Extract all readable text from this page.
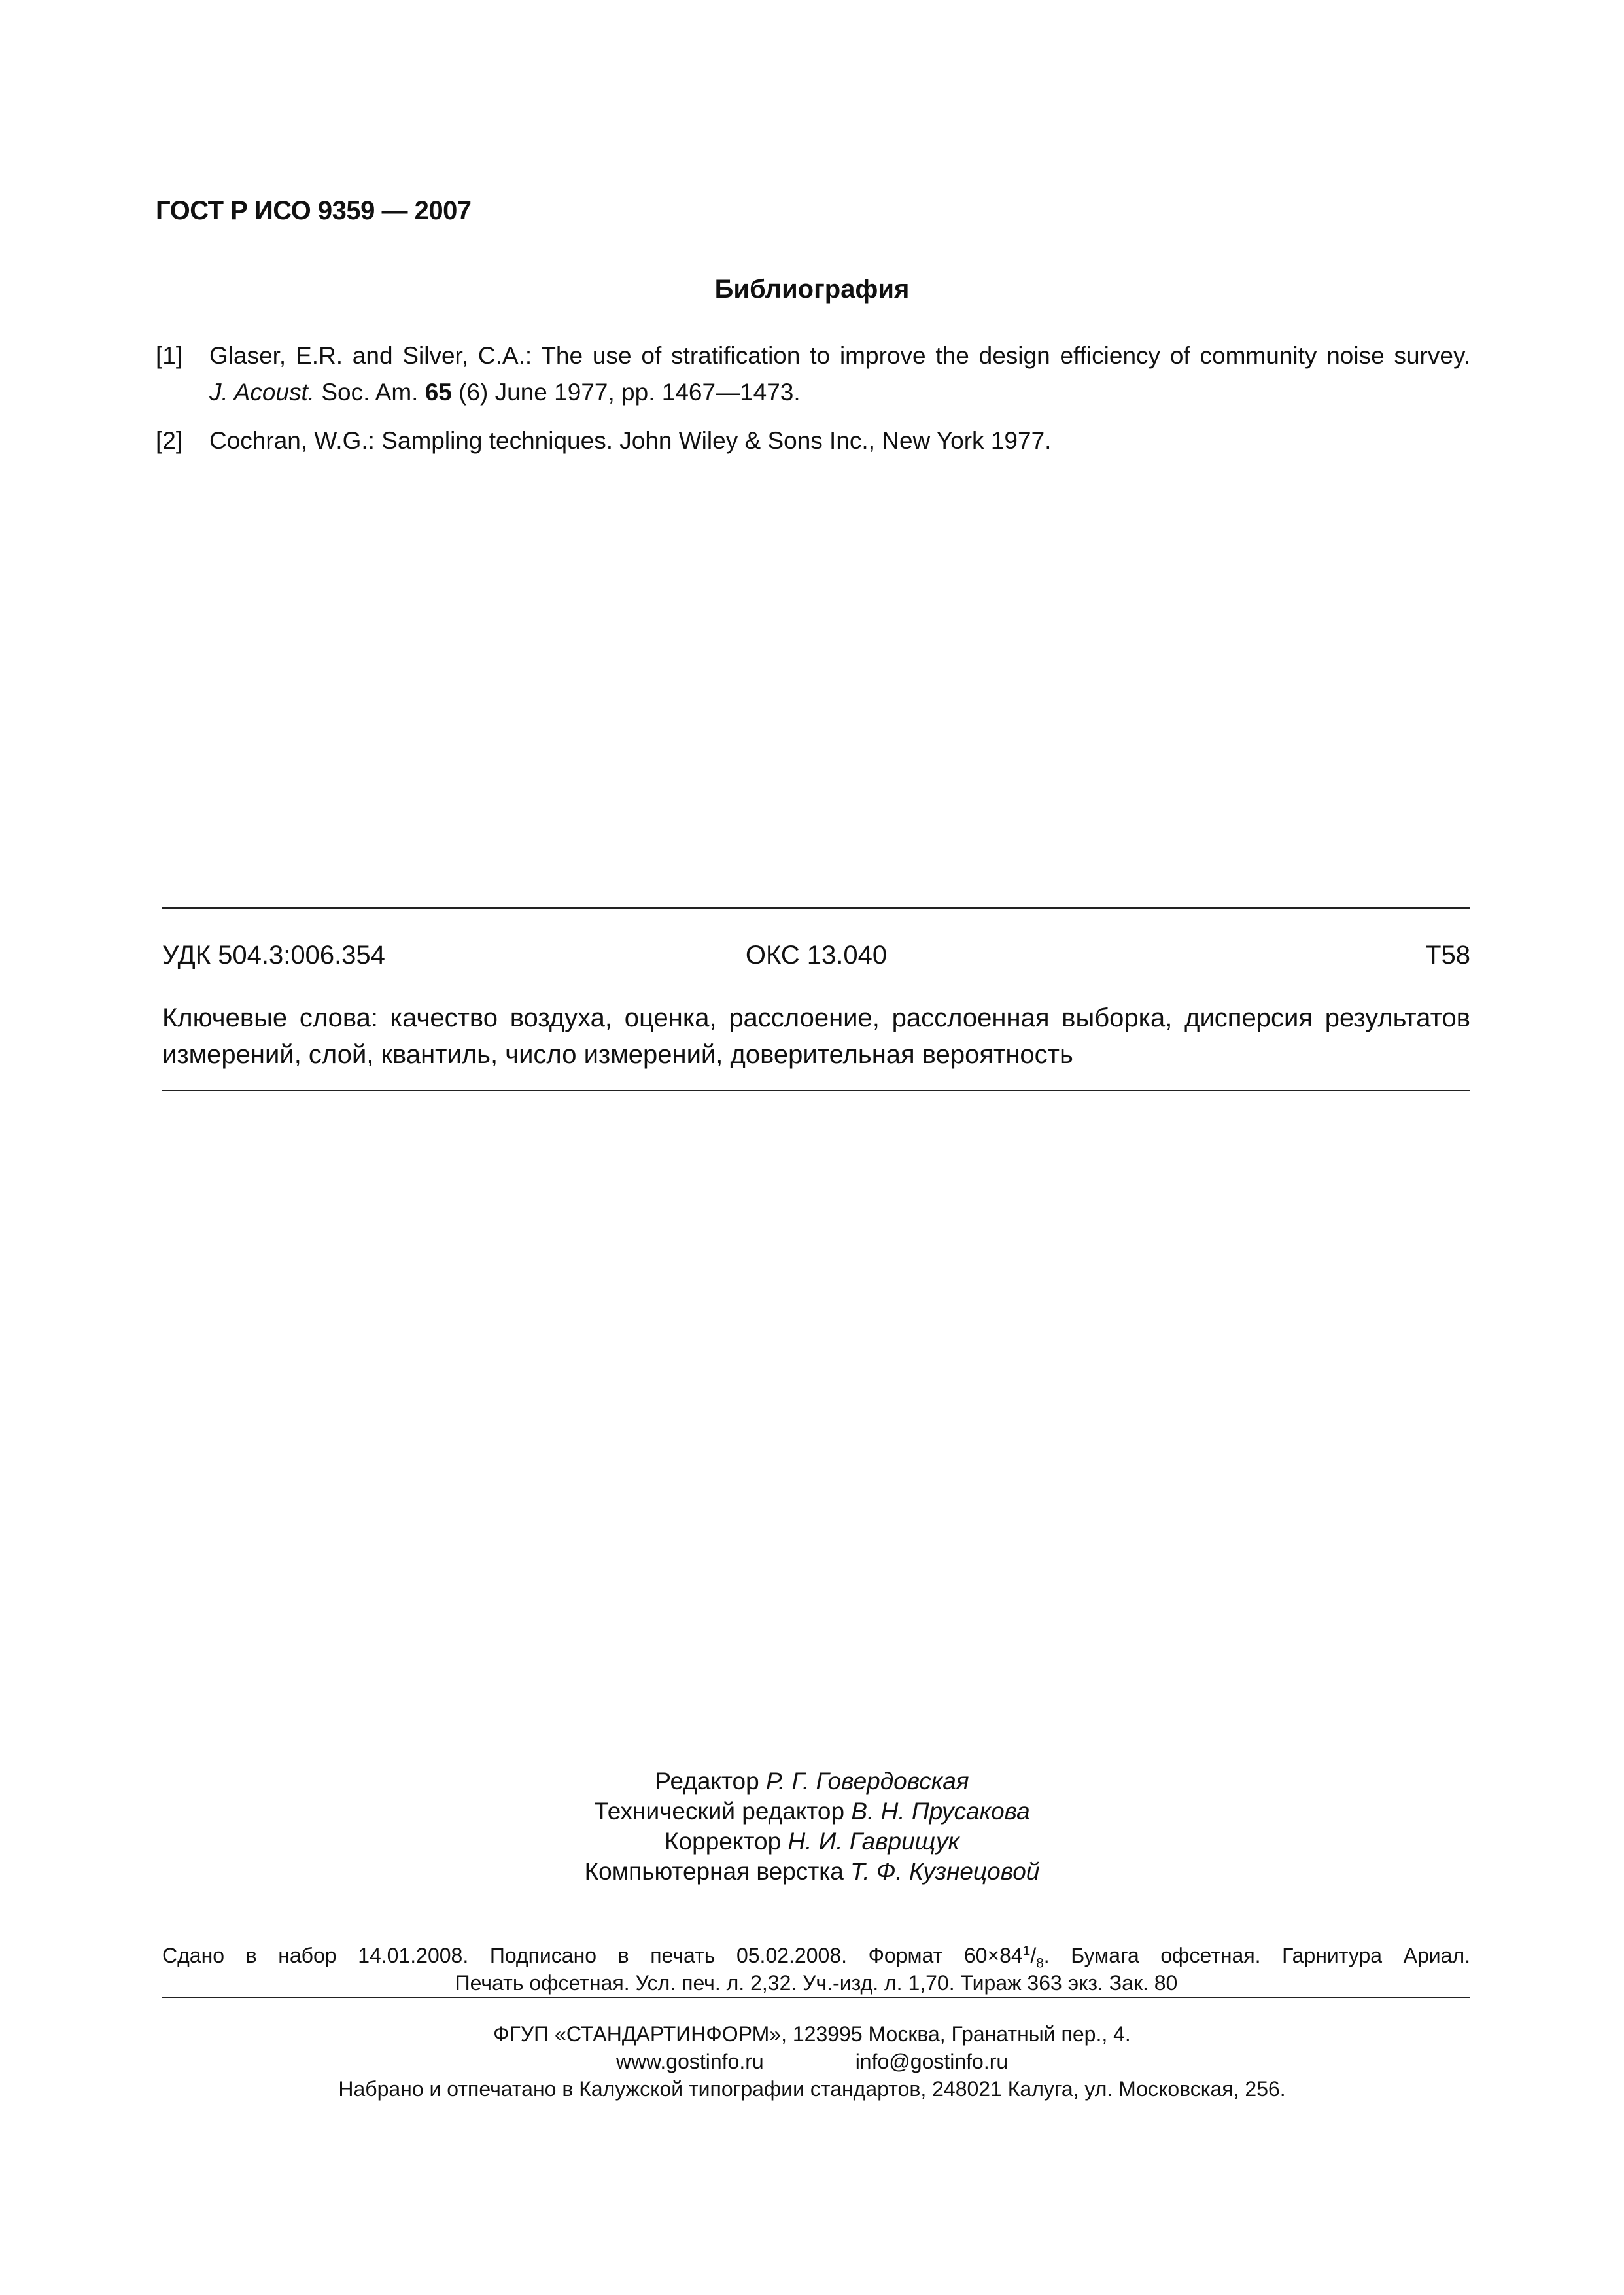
ГОСТ Р ИСО 9359 — 2007
Библиография
[1] Glaser, E.R. and Silver, C.A.: The use of stratification to improve the design efficiency of community noise survey.
J. Acoust. Soc. Am. 65 (6) June 1977, pp. 1467—1473.
[2] Cochran, W.G.: Sampling techniques. John Wiley & Sons Inc., New York 1977.
УДК 504.3:006.354	ОКС 13.040	Т58
Ключевые слова: качество воздуха, оценка, расслоение, расслоенная выборка, дисперсия результатов
измерений, слой, квантиль, число измерений, доверительная вероятность
Редактор Р. Г. Говердовская
Технический редактор В. Н. Прусакова
Корректор Н. И. Гаврищук
Компьютерная верстка Т. Ф. Кузнецовой
Сдано в набор 14.01.2008. Подписано в печать 05.02.2008. Формат $60\times 84^1/_8$. Бумага офсетная. Гарнитура Ариал.
Печать офсетная. Усл. печ. л. 2,32. Уч.-изд. л. 1,70. Тираж 363 экз. Зак. 80
ФГУП «СТАНДАРТИНФОРМ», 123995 Москва, Гранатный пер., 4.
www.gostinfo.ru	info@gostinfo.ru
Набрано и отпечатано в Калужской типографии стандартов, 248021 Калуга, ул. Московская, 256.
